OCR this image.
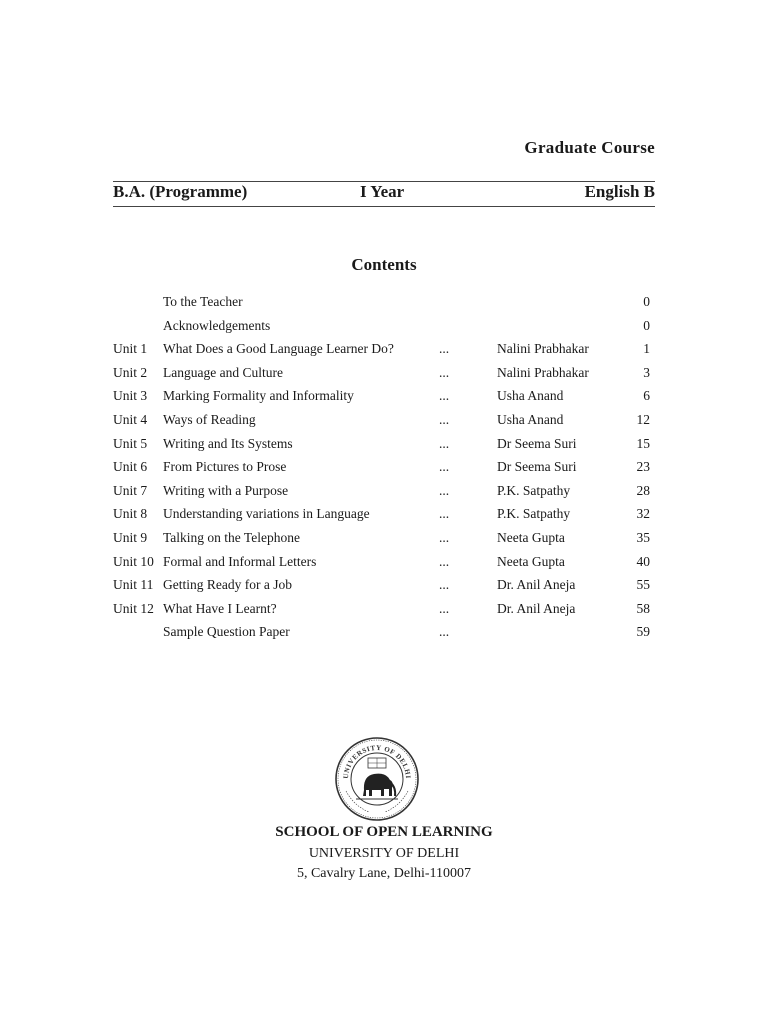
Graduate Course
B.A. (Programme)	I Year	English B
Contents
To the Teacher	0
Acknowledgements	0
Unit 1 What Does a Good Language Learner Do?	...	Nalini Prabhakar	1
Unit 2 Language and Culture	...	Nalini Prabhakar	3
Unit 3 Marking Formality and Informality	...	Usha Anand	6
Unit 4 Ways of Reading	...	Usha Anand	12
Unit 5 Writing and Its Systems	...	Dr Seema Suri	15
Unit 6 From Pictures to Prose	...	Dr Seema Suri	23
Unit 7 Writing with a Purpose	...	P.K. Satpathy	28
Unit 8 Understanding variations in Language	...	P.K. Satpathy	32
Unit 9 Talking on the Telephone	...	Neeta Gupta	35
Unit 10 Formal and Informal Letters	...	Neeta Gupta	40
Unit 11 Getting Ready for a Job	...	Dr. Anil Aneja	55
Unit 12 What Have I Learnt?	...	Dr. Anil Aneja	58
Sample Question Paper	...	59
UNIVERSITY OF DELHI
SCHOOL OF OPEN LEARNING
UNIVERSITY OF DELHI
5, Cavalry Lane, Delhi-110007
